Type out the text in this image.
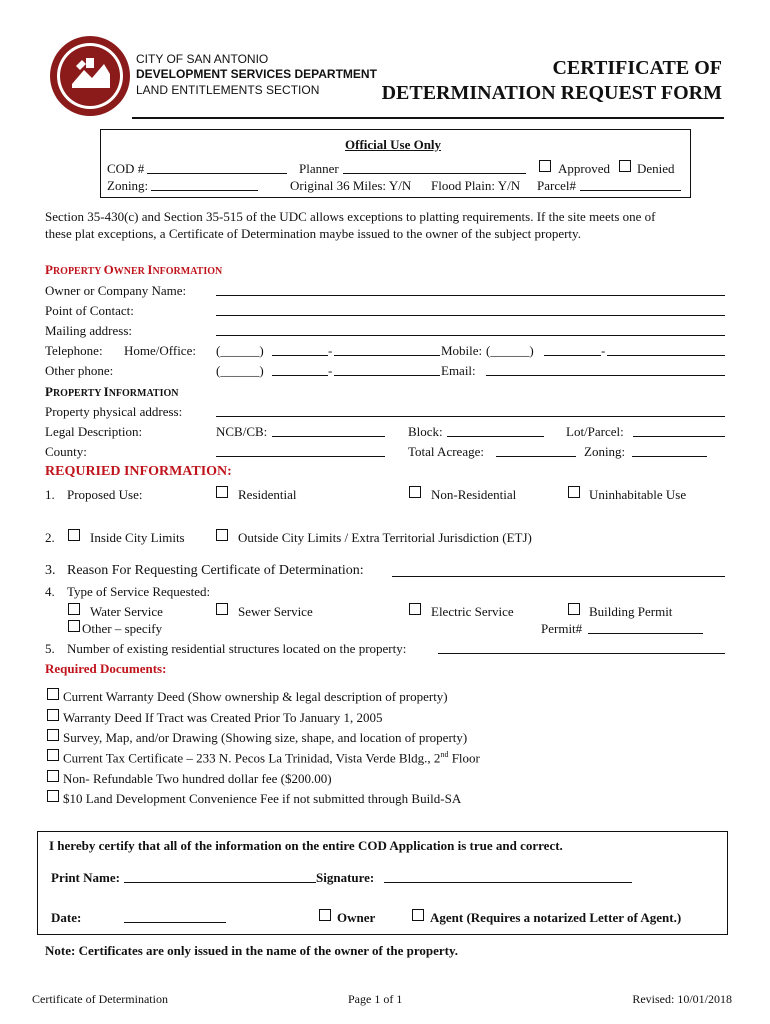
CITY OF SAN ANTONIO
DEVELOPMENT SERVICES DEPARTMENT
LAND ENTITLEMENTS SECTION
CERTIFICATE OF
DETERMINATION REQUEST FORM
Official Use Only
COD #	Planner	Approved Denied
Zoning:	Original 36 Miles: Y/N Flood Plain: Y/N Parcel#
Section 35-430(c) and Section 35-515 of the UDC allows exceptions to platting requirements. If the site meets one of
these plat exceptions, a Certificate of Determination maybe issued to the owner of the subject property.
PROPERTY OWNER INFORMATION
Owner or Company Name:
Point of Contact:
Mailing address:
Telephone: Home/Office: (______)	-	Mobile: (______)	-
Other phone:	(______)	-	Email:
PROPERTY INFORMATION
Property physical address:
Legal Description:	NCB/CB:	Block:	Lot/Parcel:
County:	Total Acreage:	Zoning:
REQURIED INFORMATION:
1. Proposed Use:	Residential	Non-Residential	Uninhabitable Use
2.	Inside City Limits	Outside City Limits / Extra Territorial Jurisdiction (ETJ)
3. Reason For Requesting Certificate of Determination:
4. Type of Service Requested:
Water Service	Sewer Service	Electric Service	Building Permit
Other – specify	Permit#
5. Number of existing residential structures located on the property:
Required Documents:
Current Warranty Deed (Show ownership & legal description of property)
Warranty Deed If Tract was Created Prior To January 1, 2005
Survey, Map, and/or Drawing (Showing size, shape, and location of property)
Current Tax Certificate – 233 N. Pecos La Trinidad, Vista Verde Bldg., 2nd Floor
Non- Refundable Two hundred dollar fee ($200.00)
$10 Land Development Convenience Fee if not submitted through Build-SA
I hereby certify that all of the information on the entire COD Application is true and correct.
Print Name:	Signature:
Date:	Owner	Agent (Requires a notarized Letter of Agent.)
Note: Certificates are only issued in the name of the owner of the property.
Certificate of Determination	Page 1 of 1	Revised: 10/01/2018
